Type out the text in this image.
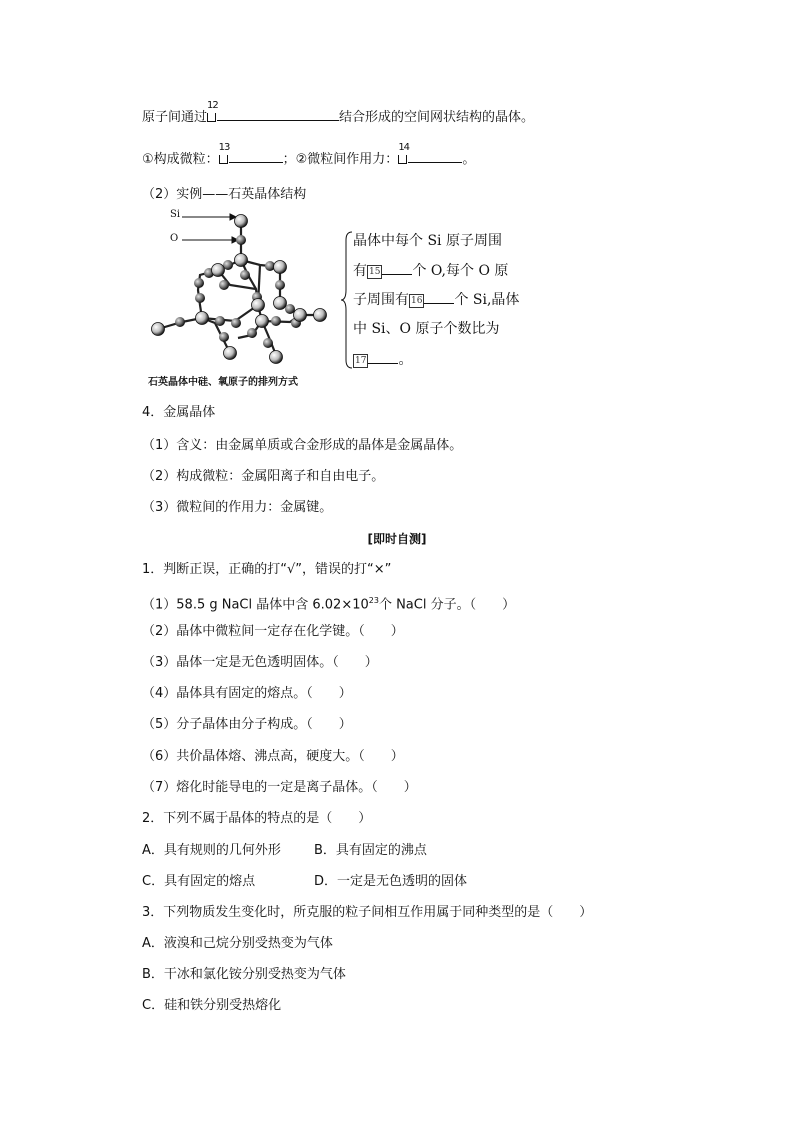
原子间通过
12
结合形成的空间网状结构的晶体。
①构成微粒：
13
；②微粒间作用力：
14
。
（2）实例——石英晶体结构
Si
O
石英晶体中硅、氧原子的排列方式
晶体中每个 Si 原子周围
有 15 个 O,每个 O 原
子周围有 16 个 Si,晶体
中 Si、O 原子个数比为
17 。
4．金属晶体
（1）含义：由金属单质或合金形成的晶体是金属晶体。
（2）构成微粒：金属阳离子和自由电子。
（3）微粒间的作用力：金属键。
[即时自测]
1．判断正误，正确的打“√”，错误的打“×”
（1）58.5 g NaCl 晶体中含 $6.02\times 10^{23}$个 NaCl 分子。（　　）
（2）晶体中微粒间一定存在化学键。（　　）
（3）晶体一定是无色透明固体。（　　）
（4）晶体具有固定的熔点。（　　）
（5）分子晶体由分子构成。（　　）
（6）共价晶体熔、沸点高，硬度大。（　　）
（7）熔化时能导电的一定是离子晶体。（　　）
2．下列不属于晶体的特点的是（　　）
A．具有规则的几何外形	B．具有固定的沸点
C．具有固定的熔点	D．一定是无色透明的固体
3．下列物质发生变化时，所克服的粒子间相互作用属于同种类型的是（　　）
A．液溴和己烷分别受热变为气体
B．干冰和氯化铵分别受热变为气体
C．硅和铁分别受热熔化
